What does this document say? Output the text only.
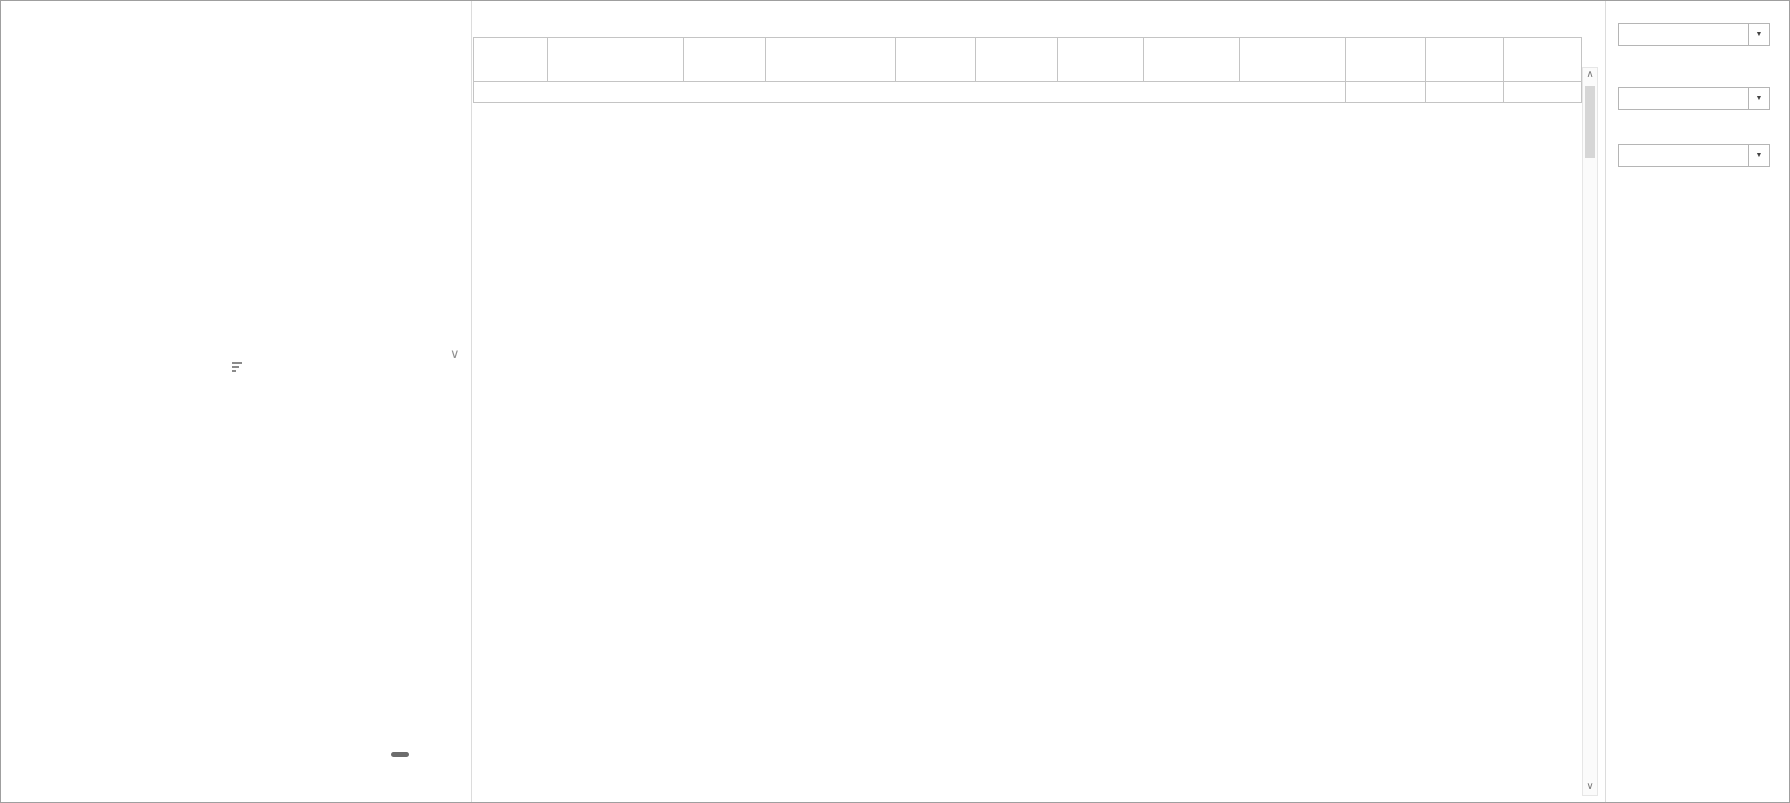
∨

∧
∨
▼
▼
▼
